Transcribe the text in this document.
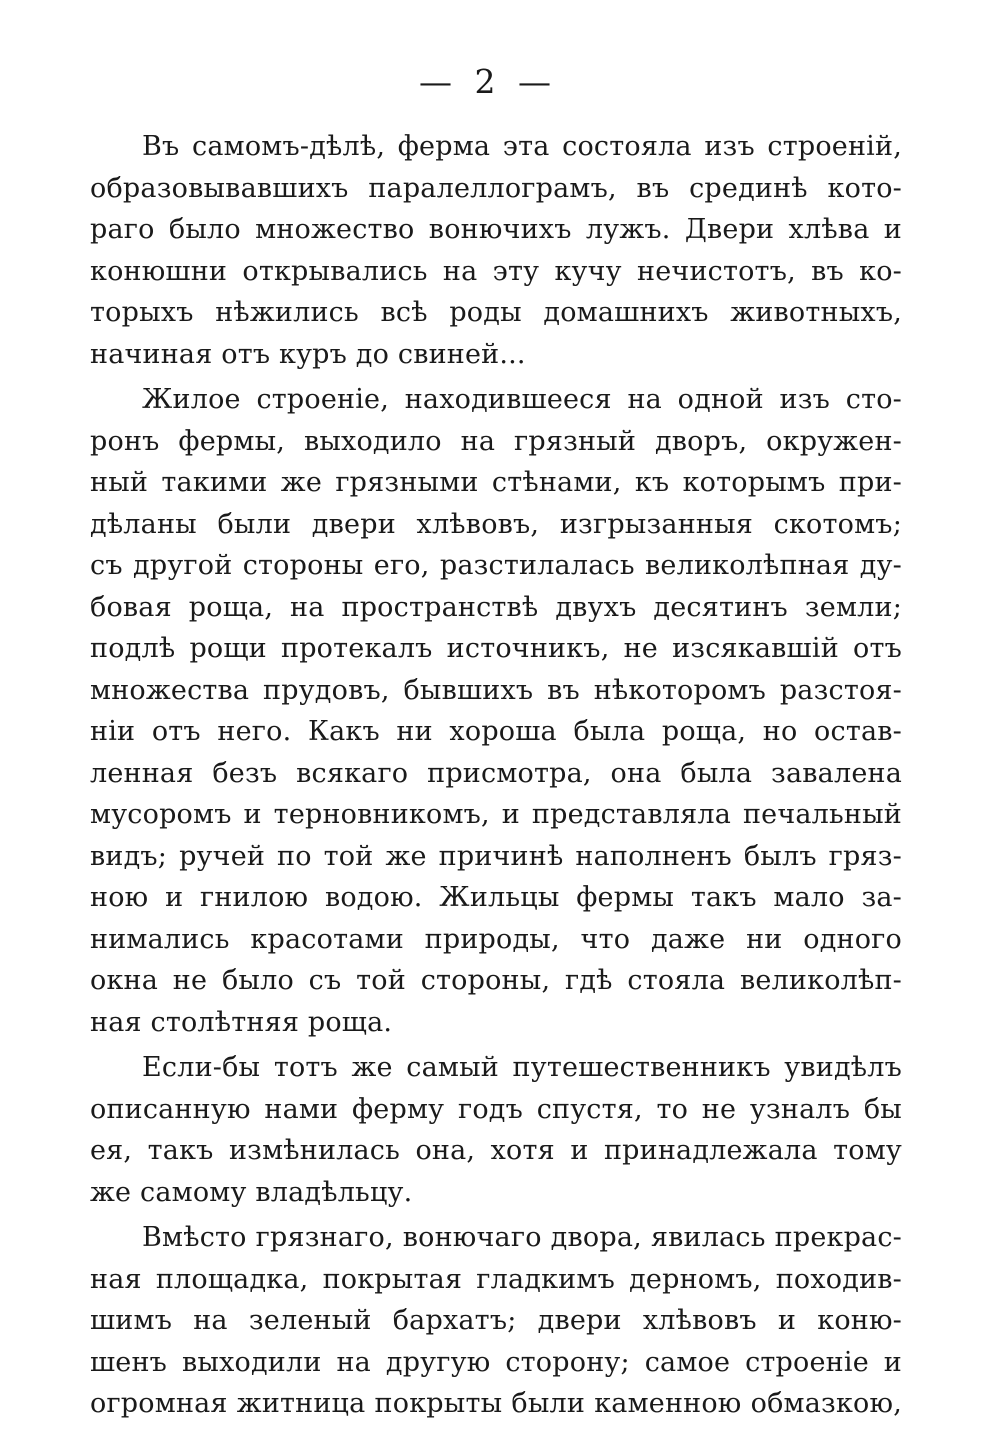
— 2 —
Въ самомъ-дѣлѣ, ферма эта состояла изъ строеній,
образовывавшихъ паралеллограмъ, въ срединѣ кото-
раго было множество вонючихъ лужъ. Двери хлѣва и
конюшни открывались на эту кучу нечистотъ, въ ко-
торыхъ нѣжились всѣ роды домашнихъ животныхъ,
начиная отъ куръ до свиней...
Жилое строеніе, находившееся на одной изъ сто-
ронъ фермы, выходило на грязный дворъ, окружен-
ный такими же грязными стѣнами, къ которымъ при-
дѣланы были двери хлѣвовъ, изгрызанныя скотомъ;
съ другой стороны его, разстилалась великолѣпная ду-
бовая роща, на пространствѣ двухъ десятинъ земли;
подлѣ рощи протекалъ источникъ, не изсякавшій отъ
множества прудовъ, бывшихъ въ нѣкоторомъ разстоя-
ніи отъ него. Какъ ни хороша была роща, но остав-
ленная безъ всякаго присмотра, она была завалена
мусоромъ и терновникомъ, и представляла печальный
видъ; ручей по той же причинѣ наполненъ былъ гряз-
ною и гнилою водою. Жильцы фермы такъ мало за-
нимались красотами природы, что даже ни одного
окна не было съ той стороны, гдѣ стояла великолѣп-
ная столѣтняя роща.
Если-бы тотъ же самый путешественникъ увидѣлъ
описанную нами ферму годъ спустя, то не узналъ бы
ея, такъ измѣнилась она, хотя и принадлежала тому
же самому владѣльцу.
Вмѣсто грязнаго, вонючаго двора, явилась прекрас-
ная площадка, покрытая гладкимъ дерномъ, походив-
шимъ на зеленый бархатъ; двери хлѣвовъ и коню-
шенъ выходили на другую сторону; самое строеніе и
огромная житница покрыты были каменною обмазкою,
